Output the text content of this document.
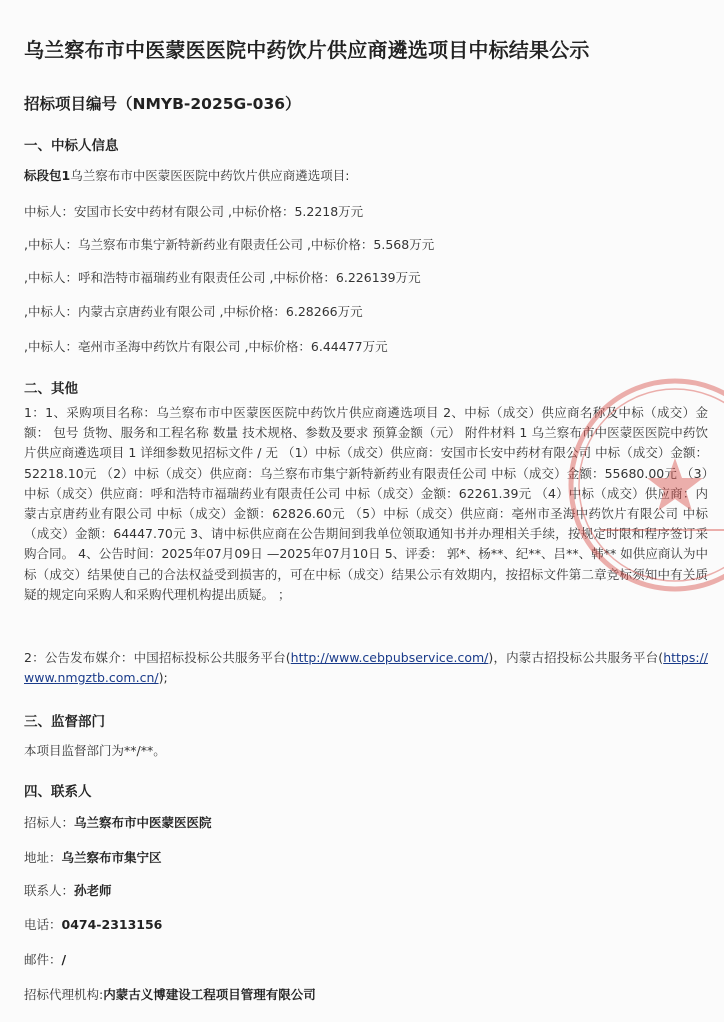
乌兰察布市中医蒙医医院中药饮片供应商遴选项目中标结果公示
招标项目编号（NMYB-2025G-036）
一、中标人信息
标段包1乌兰察布市中医蒙医医院中药饮片供应商遴选项目:
中标人：安国市长安中药材有限公司 ,中标价格：5.2218万元
,中标人：乌兰察布市集宁新特新药业有限责任公司 ,中标价格：5.568万元
,中标人：呼和浩特市福瑞药业有限责任公司 ,中标价格：6.226139万元
,中标人：内蒙古京唐药业有限公司 ,中标价格：6.28266万元
,中标人：亳州市圣海中药饮片有限公司 ,中标价格：6.44477万元
二、其他
1：1、采购项目名称：乌兰察布市中医蒙医医院中药饮片供应商遴选项目 2、中标（成交）供应商名称及中标（成交）金额： 包号 货物、服务和工程名称 数量 技术规格、参数及要求 预算金额（元） 附件材料 1 乌兰察布市中医蒙医医院中药饮片供应商遴选项目 1 详细参数见招标文件 / 无 （1）中标（成交）供应商：安国市长安中药材有限公司 中标（成交）金额：52218.10元 （2）中标（成交）供应商：乌兰察布市集宁新特新药业有限责任公司 中标（成交）金额：55680.00元 （3）中标（成交）供应商：呼和浩特市福瑞药业有限责任公司 中标（成交）金额：62261.39元 （4）中标（成交）供应商：内蒙古京唐药业有限公司 中标（成交）金额：62826.60元 （5）中标（成交）供应商：亳州市圣海中药饮片有限公司 中标（成交）金额：64447.70元 3、请中标供应商在公告期间到我单位领取通知书并办理相关手续，按规定时限和程序签订采购合同。 4、公告时间：2025年07月09日 —2025年07月10日 5、评委： 郭*、杨**、纪**、吕**、韩** 如供应商认为中标（成交）结果使自己的合法权益受到损害的，可在中标（成交）结果公示有效期内，按招标文件第二章竞标须知中有关质疑的规定向采购人和采购代理机构提出质疑。 ；
2：公告发布媒介：中国招标投标公共服务平台(http://www.cebpubservice.com/)，内蒙古招投标公共服务平台(https://www.nmgztb.com.cn/);
三、监督部门
本项目监督部门为**/**。
四、联系人
招标人：乌兰察布市中医蒙医医院
地址：乌兰察布市集宁区
联系人：孙老师
电话：0474-2313156
邮件：/
招标代理机构:内蒙古义博建设工程项目管理有限公司
